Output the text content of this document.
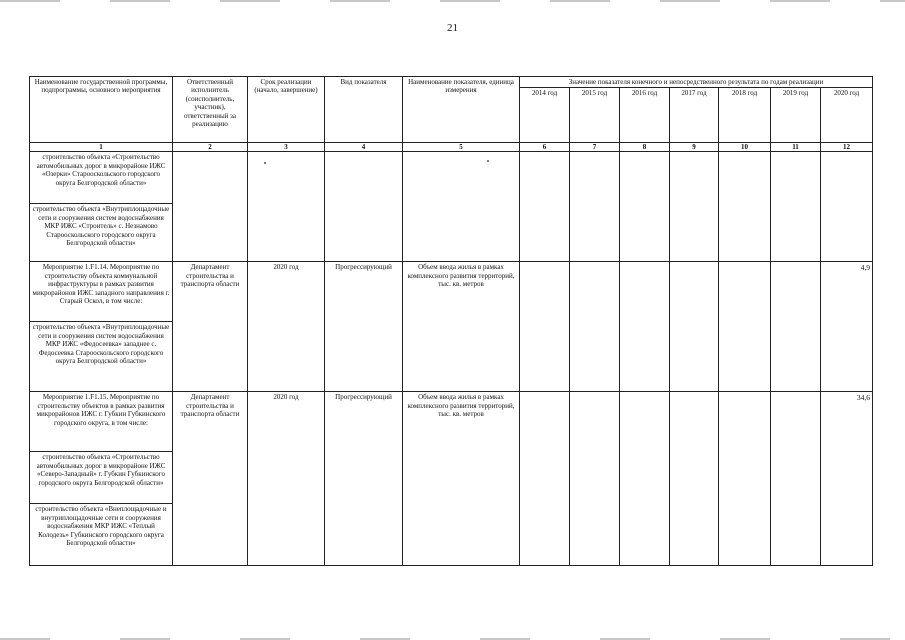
21
Наименование государственной программы, подпрограммы, основного мероприятия	Ответственный исполнитель (соисполнитель, участник), ответственный за реализацию	Срок реализации (начало, завершение)	Вид показателя	Наименование показателя, единица измерения	Значение показателя конечного и непосредственного результата по годам реализации						
					2014 год	2015 год	2016 год	2017 год	2018 год	2019 год	2020 год
1	2	3	4	5	6	7	8	9	10	11	12
строительство объекта «Строительство автомобильных дорог в микрорайоне ИЖС «Озерки» Старооскольского городского округа Белгородской области»		

строительство объекта «Внутриплощадочные сети и сооружения систем водоснабжения МКР ИЖС «Строитель» с. Незнамово Старооскольского городского округа Белгородской области»											
Мероприятие 1.F1.14. Мероприятие по строительству объекта коммунальной инфраструктуры в рамках развития микрорайонов ИЖС западного направления г. Старый Оскол, в том числе:	Департамент строительства и транспорта области	2020 год	Прогрессирующий	Объем ввода жилья в рамках комплексного развития территорий, тыс. кв. метров							4,9
строительство объекта «Внутриплощадочные сети и сооружения систем водоснабжения МКР ИЖС «Федосеевка» западнее с. Федосеевка Старооскольского городского округа Белгородской области»											
Мероприятие 1.F1.15. Мероприятие по строительству объектов в рамках развития микрорайонов ИЖС г. Губкин Губкинского городского округа, в том числе:	Департамент строительства и транспорта области	2020 год	Прогрессирующий	Объем ввода жилья в рамках комплексного развития территорий, тыс. кв. метров							34,6
строительство объекта «Строительство автомобильных дорог в микрорайоне ИЖС «Северо-Западный» г. Губкин Губкинского городского округа Белгородской области»											
строительство объекта «Внеплощадочные и внутриплощадочные сети и сооружения водоснабжения МКР ИЖС «Теплый Колодезь» Губкинского городского округа Белгородской области»											
